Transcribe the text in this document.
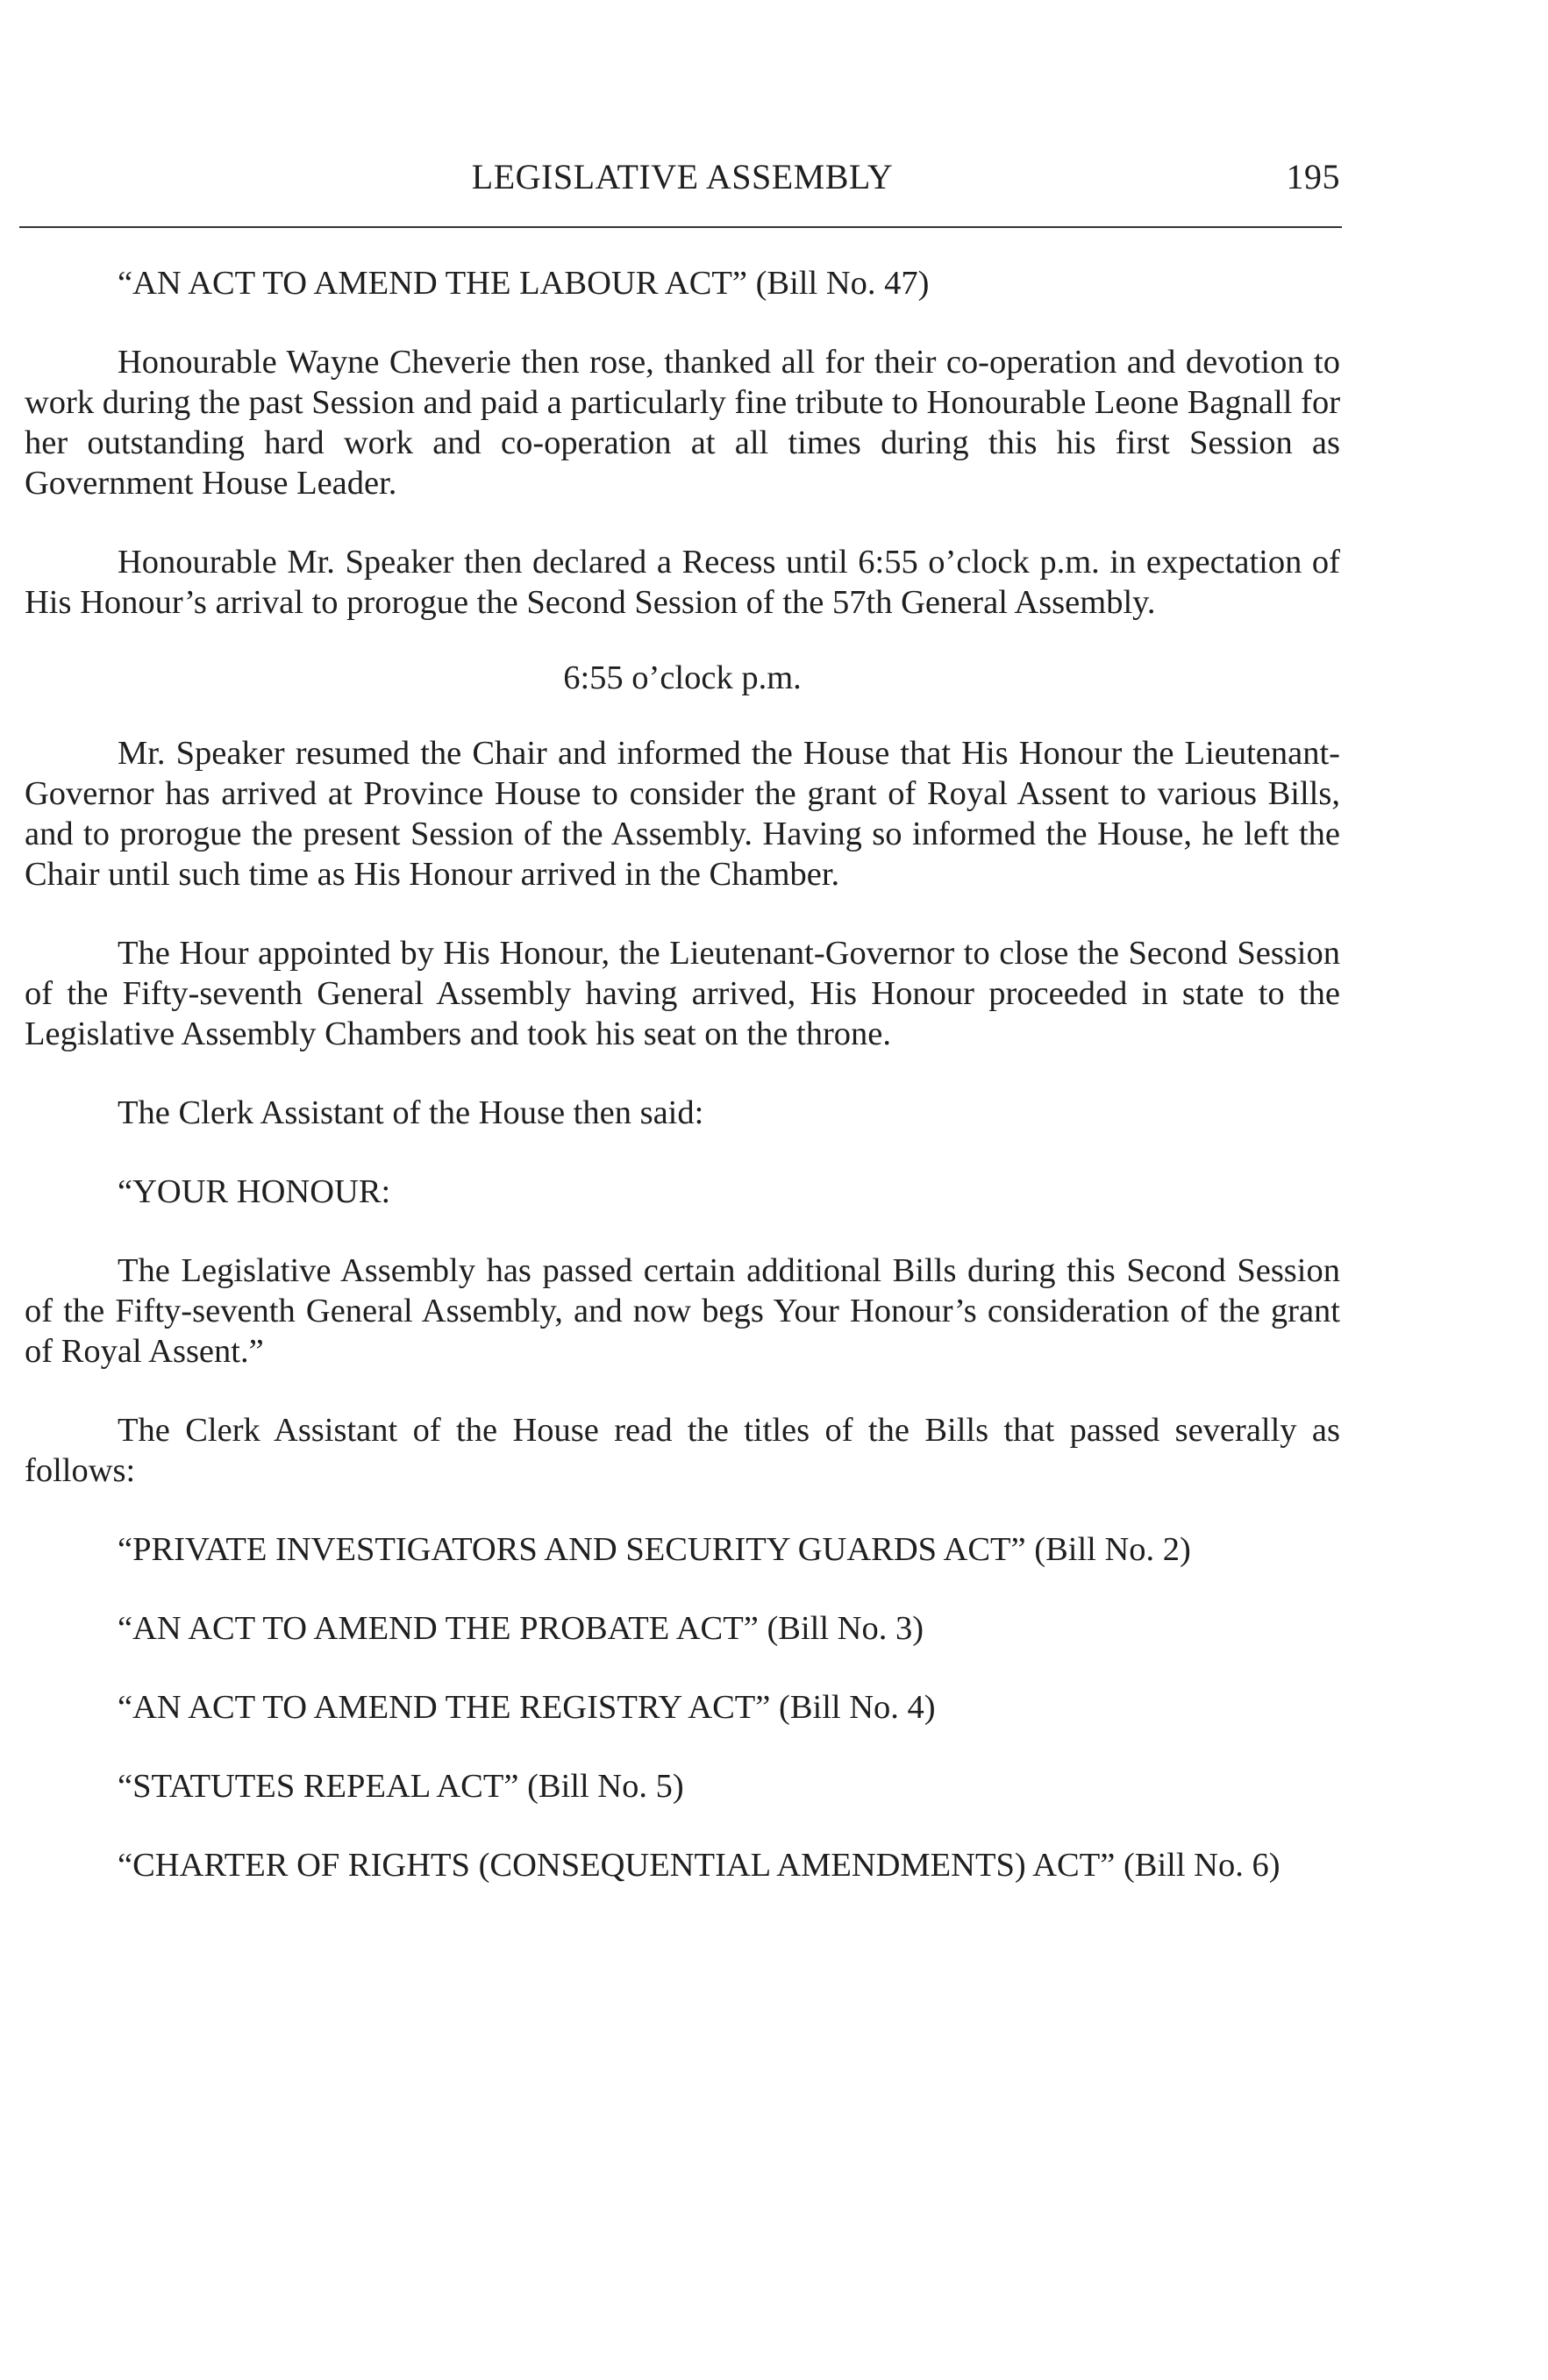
LEGISLATIVE ASSEMBLY	195

“AN ACT TO AMEND THE LABOUR ACT” (Bill No. 47)

Honourable Wayne Cheverie then rose, thanked all for their co-operation and devotion to work during the past Session and paid a particularly fine tribute to Honourable Leone Bagnall for her outstanding hard work and co-operation at all times during this his first Session as Government House Leader.

Honourable Mr. Speaker then declared a Recess until 6:55 o’clock p.m. in expectation of His Honour’s arrival to prorogue the Second Session of the 57th General Assembly.

6:55 o’clock p.m.

Mr. Speaker resumed the Chair and informed the House that His Honour the Lieutenant-Governor has arrived at Province House to consider the grant of Royal Assent to various Bills, and to prorogue the present Session of the Assembly. Having so informed the House, he left the Chair until such time as His Honour arrived in the Chamber.

The Hour appointed by His Honour, the Lieutenant-Governor to close the Second Session of the Fifty-seventh General Assembly having arrived, His Honour proceeded in state to the Legislative Assembly Chambers and took his seat on the throne.

The Clerk Assistant of the House then said:

“YOUR HONOUR:

The Legislative Assembly has passed certain additional Bills during this Second Session of the Fifty-seventh General Assembly, and now begs Your Honour’s consideration of the grant of Royal Assent.”

The Clerk Assistant of the House read the titles of the Bills that passed severally as follows:

“PRIVATE INVESTIGATORS AND SECURITY GUARDS ACT” (Bill No. 2)

“AN ACT TO AMEND THE PROBATE ACT” (Bill No. 3)

“AN ACT TO AMEND THE REGISTRY ACT” (Bill No. 4)

“STATUTES REPEAL ACT” (Bill No. 5)

“CHARTER OF RIGHTS (CONSEQUENTIAL AMENDMENTS) ACT” (Bill No. 6)
